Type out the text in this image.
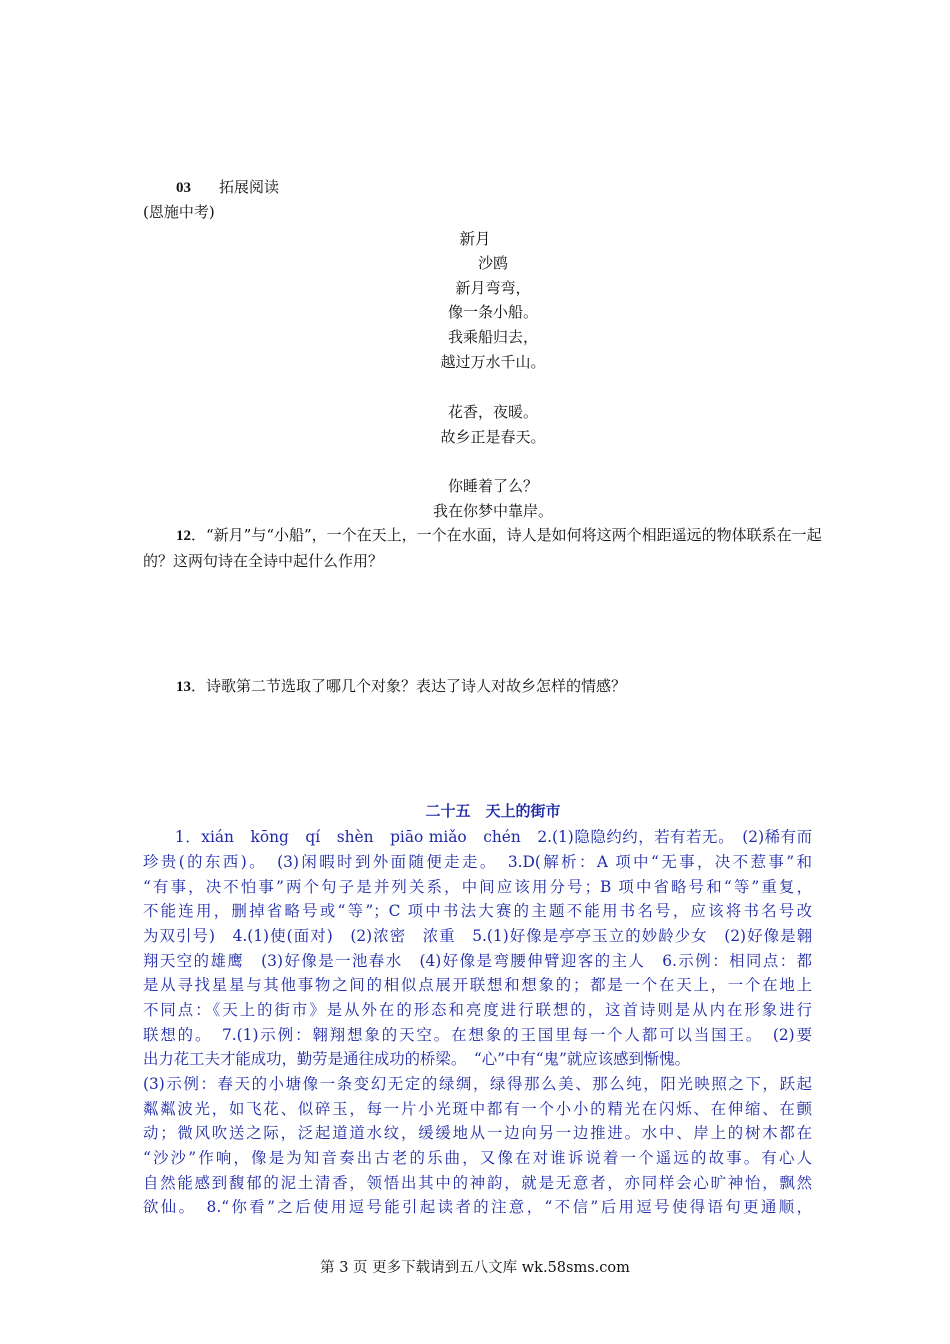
03 拓展阅读
(恩施中考)
新月
沙鸥
新月弯弯，
像一条小船。
我乘船归去，
越过万水千山。
花香，夜暖。
故乡正是春天。
你睡着了么？
我在你梦中靠岸。
12．“新月”与“小船”，一个在天上，一个在水面，诗人是如何将这两个相距遥远的物体联系在一起的？这两句诗在全诗中起什么作用？
13．诗歌第二节选取了哪几个对象？表达了诗人对故乡怎样的情感？
二十五　天上的街市
　　1．xián　kōng　qí　shèn　piāo miǎo　chén　2.(1)隐隐约约，若有若无。　(2)稀有而
珍贵(的东西)。　(3)闲暇时到外面随便走走。　3.D(解析：A 项中“无事，决不惹事”和
“有事，决不怕事”两个句子是并列关系，中间应该用分号；B 项中省略号和“等”重复，
不能连用，删掉省略号或“等”；C 项中书法大赛的主题不能用书名号，应该将书名号改
为双引号)　4.(1)使(面对)　(2)浓密　浓重　5.(1)好像是亭亭玉立的妙龄少女　(2)好像是翱
翔天空的雄鹰　(3)好像是一池春水　(4)好像是弯腰伸臂迎客的主人　6.示例：相同点：都
是从寻找星星与其他事物之间的相似点展开联想和想象的；都是一个在天上，一个在地上
不同点：《天上的街市》是从外在的形态和亮度进行联想的，这首诗则是从内在形象进行
联想的。　7.(1)示例：翱翔想象的天空。在想象的王国里每一个人都可以当国王。　(2)要
出力花工夫才能成功，勤劳是通往成功的桥梁。　“心”中有“鬼”就应该感到惭愧。
(3)示例：春天的小塘像一条变幻无定的绿绸，绿得那么美、那么纯，阳光映照之下，跃起
粼粼波光，如飞花、似碎玉，每一片小光斑中都有一个小小的精光在闪烁、在伸缩、在颤
动；微风吹送之际，泛起道道水纹，缓缓地从一边向另一边推进。水中、岸上的树木都在
“沙沙”作响，像是为知音奏出古老的乐曲，又像在对谁诉说着一个遥远的故事。有心人
自然能感到馥郁的泥土清香，领悟出其中的神韵，就是无意者，亦同样会心旷神怡，飘然
欲仙。　8.“你看”之后使用逗号能引起读者的注意，“不信”后用逗号使得语句更通顺，
第 3 页 更多下载请到五八文库 wk.58sms.com
